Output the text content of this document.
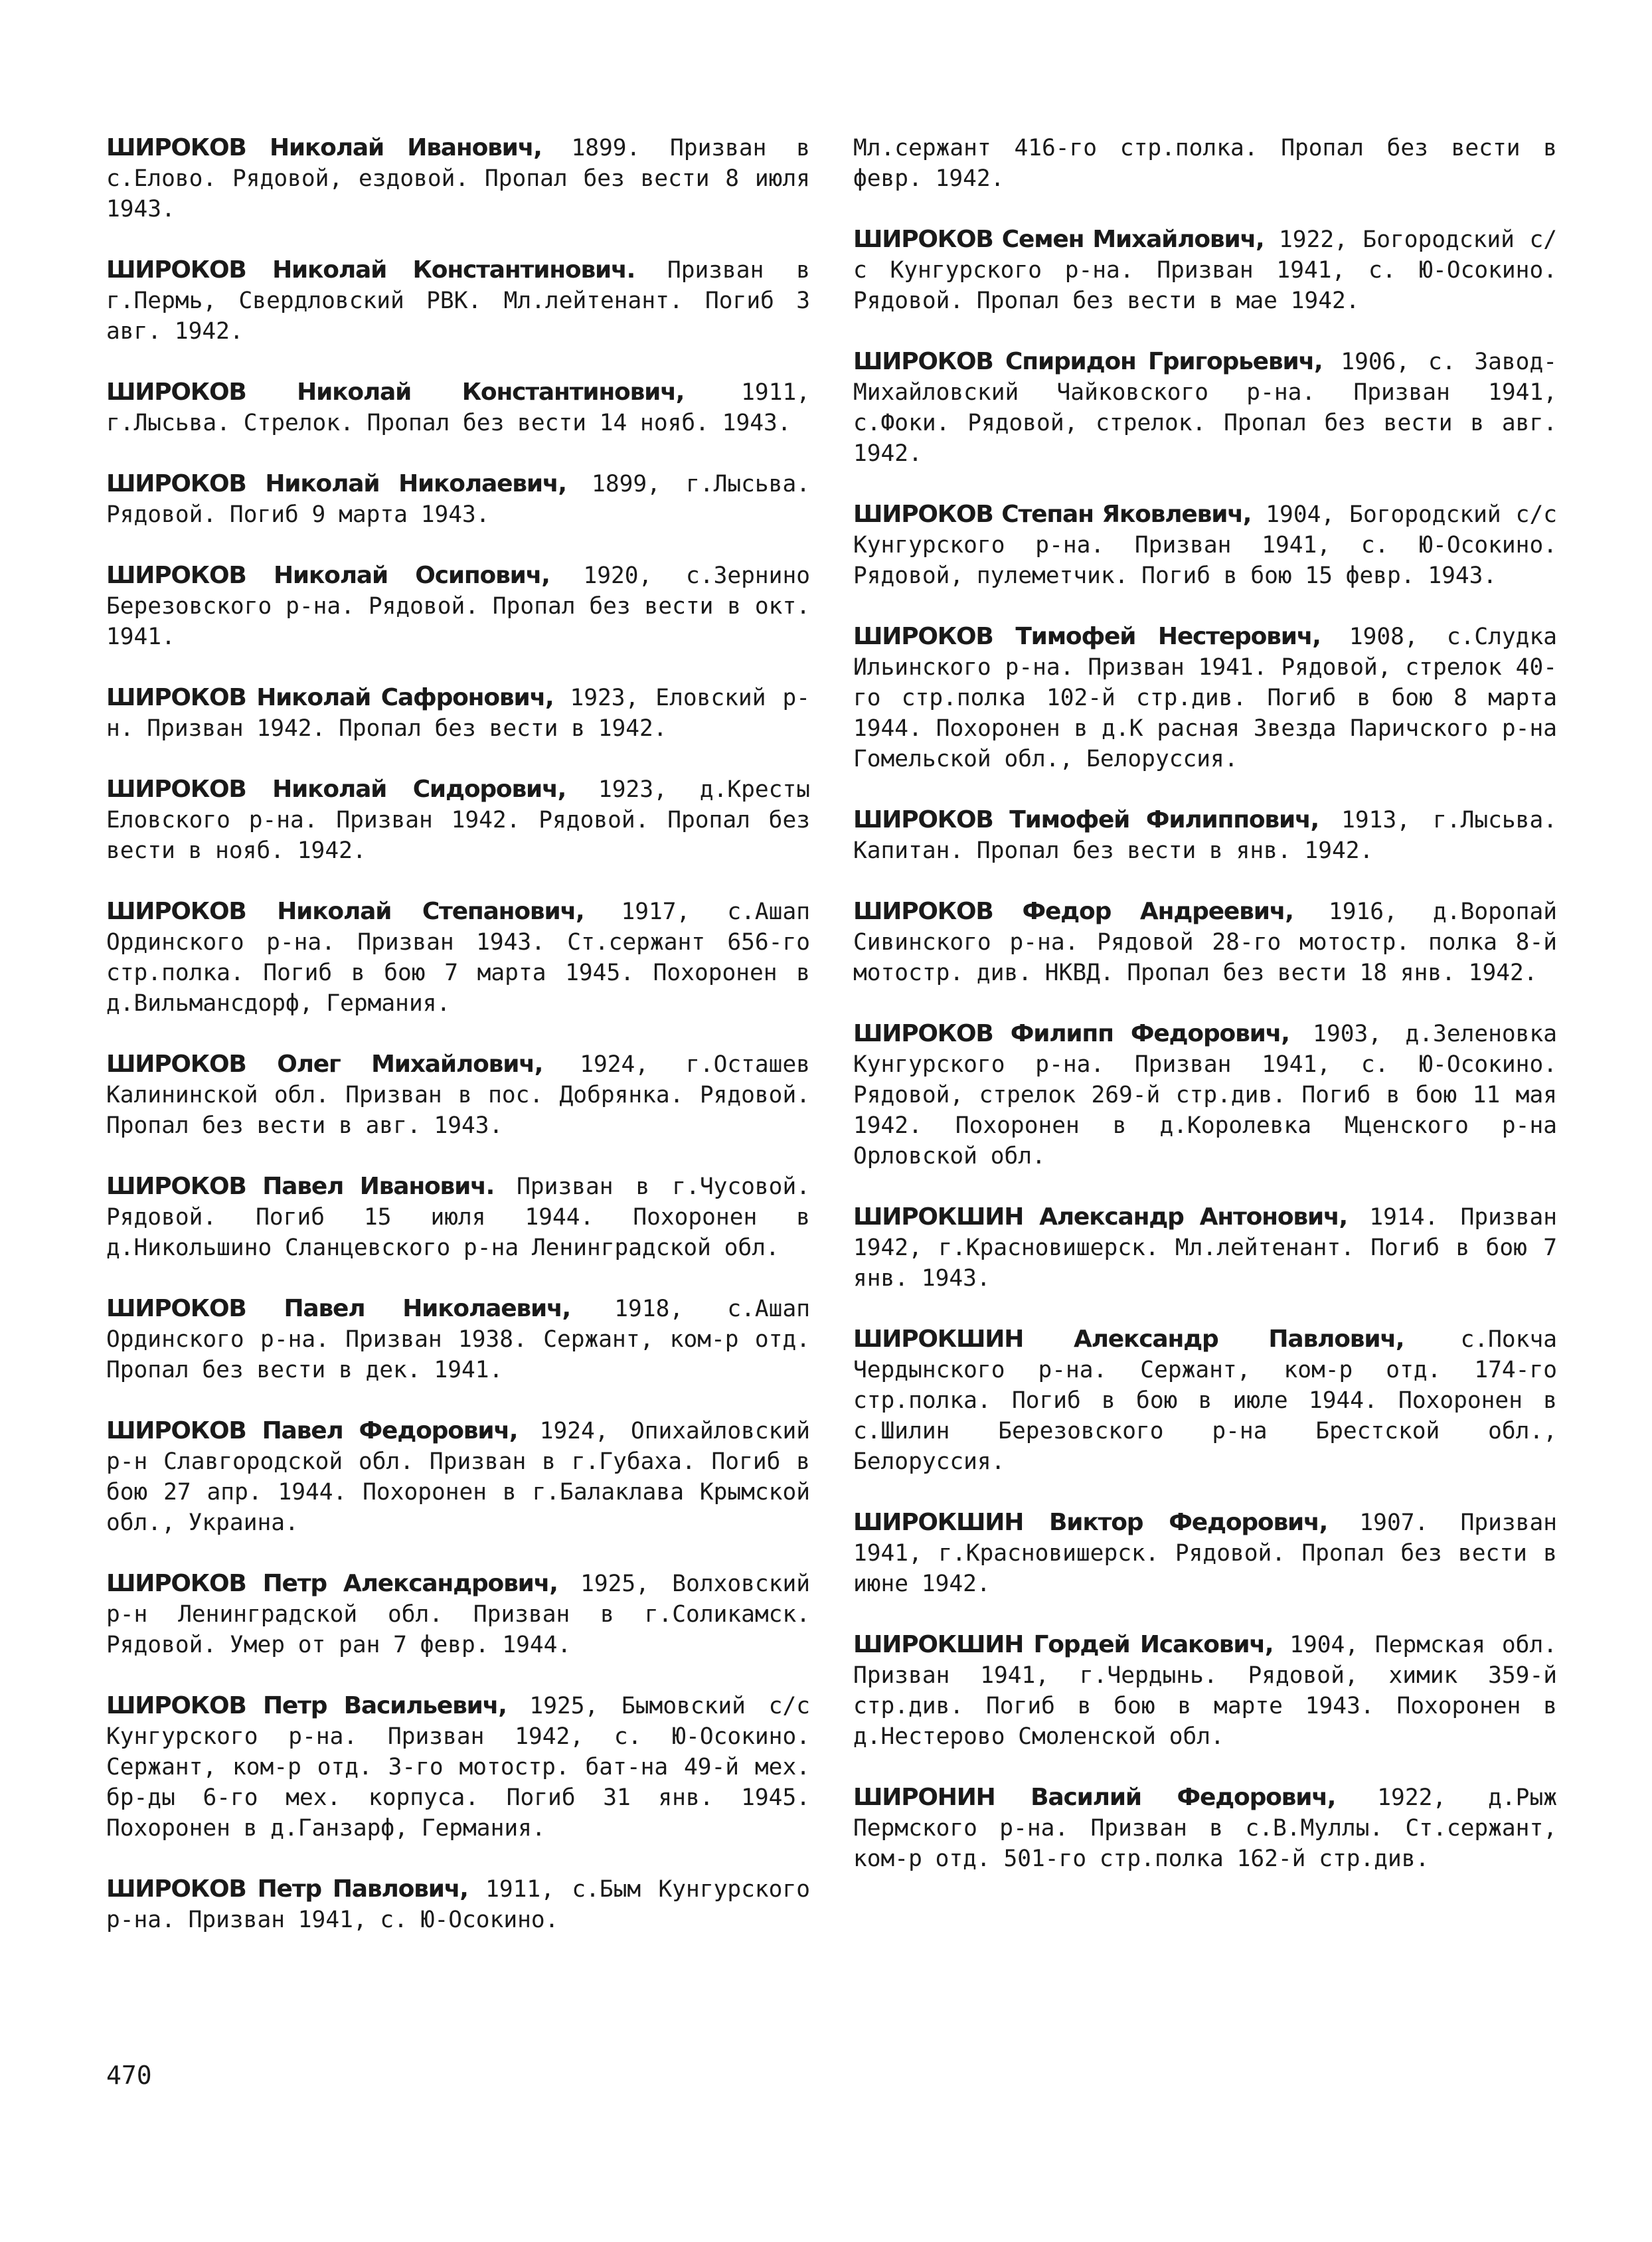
ШИРОКОВ Николай Иванович, 1899. Призван в с.Елово. Рядовой, ездовой. Пропал без вести 8 июля 1943.

ШИРОКОВ Николай Константинович. Призван в г.Пермь, Свердловский РВК. Мл.лейтенант. Погиб 3 авг. 1942.

ШИРОКОВ Николай Константинович, 1911, г.Лысьва. Стрелок. Пропал без вести 14 нояб. 1943.

ШИРОКОВ Николай Николаевич, 1899, г.Лысьва. Рядовой. Погиб 9 марта 1943.

ШИРОКОВ Николай Осипович, 1920, с.Зернино Березовского р-на. Рядовой. Пропал без вести в окт. 1941.

ШИРОКОВ Николай Сафронович, 1923, Еловский р-н. Призван 1942. Пропал без вести в 1942.

ШИРОКОВ Николай Сидорович, 1923, д.Кресты Еловского р-на. Призван 1942. Рядовой. Пропал без вести в нояб. 1942.

ШИРОКОВ Николай Степанович, 1917, с.Ашап Ординского р-на. Призван 1943. Ст.сержант 656-го стр.полка. Погиб в бою 7 марта 1945. Похоронен в д.Вильмансдорф, Германия.

ШИРОКОВ Олег Михайлович, 1924, г.Осташев Калининской обл. Призван в пос. Добрянка. Рядовой. Пропал без вести в авг. 1943.

ШИРОКОВ Павел Иванович. Призван в г.Чусовой. Рядовой. Погиб 15 июля 1944. Похоронен в д.Никольшино Сланцевского р-на Ленинградской обл.

ШИРОКОВ Павел Николаевич, 1918, с.Ашап Ординского р-на. Призван 1938. Сержант, ком-р отд. Пропал без вести в дек. 1941.

ШИРОКОВ Павел Федорович, 1924, Опихайловский р-н Славгородской обл. Призван в г.Губаха. Погиб в бою 27 апр. 1944. Похоронен в г.Балаклава Крымской обл., Украина.

ШИРОКОВ Петр Александрович, 1925, Волховский р-н Ленинградской обл. Призван в г.Соликамск. Рядовой. Умер от ран 7 февр. 1944.

ШИРОКОВ Петр Васильевич, 1925, Бымовский с/с Кунгурского р-на. Призван 1942, с. Ю-Осокино. Сержант, ком-р отд. 3-го мотостр. бат-на 49-й мех. бр-ды 6-го мех. корпуса. Погиб 31 янв. 1945. Похоронен в д.Ганзарф, Германия.

ШИРОКОВ Петр Павлович, 1911, с.Бым Кунгурского р-на. Призван 1941, с. Ю-Осокино.

Мл.сержант 416-го стр.полка. Пропал без вести в февр. 1942.

ШИРОКОВ Семен Михайлович, 1922, Богородский с/с Кунгурского р-на. Призван 1941, с. Ю-Осокино. Рядовой. Пропал без вести в мае 1942.

ШИРОКОВ Спиридон Григорьевич, 1906, с. Завод-Михайловский Чайковского р-на. Призван 1941, с.Фоки. Рядовой, стрелок. Пропал без вести в авг. 1942.

ШИРОКОВ Степан Яковлевич, 1904, Богородский с/с Кунгурского р-на. Призван 1941, с. Ю-Осокино. Рядовой, пулеметчик. Погиб в бою 15 февр. 1943.

ШИРОКОВ Тимофей Нестерович, 1908, с.Слудка Ильинского р-на. Призван 1941. Рядовой, стрелок 40-го стр.полка 102-й стр.див. Погиб в бою 8 марта 1944. Похоронен в д.К расная Звезда Паричского р-на Гомельской обл., Белоруссия.

ШИРОКОВ Тимофей Филиппович, 1913, г.Лысьва. Капитан. Пропал без вести в янв. 1942.

ШИРОКОВ Федор Андреевич, 1916, д.Воропай Сивинского р-на. Рядовой 28-го мотостр. полка 8-й мотостр. див. НКВД. Пропал без вести 18 янв. 1942.

ШИРОКОВ Филипп Федорович, 1903, д.Зеленовка Кунгурского р-на. Призван 1941, с. Ю-Осокино. Рядовой, стрелок 269-й стр.див. Погиб в бою 11 мая 1942. Похоронен в д.Королевка Мценского р-на Орловской обл.

ШИРОКШИН Александр Антонович, 1914. Призван 1942, г.Красновишерск. Мл.лейтенант. Погиб в бою 7 янв. 1943.

ШИРОКШИН Александр Павлович, с.Покча Чердынского р-на. Сержант, ком-р отд. 174-го стр.полка. Погиб в бою в июле 1944. Похоронен в с.Шилин Березовского р-на Брестской обл., Белоруссия.

ШИРОКШИН Виктор Федорович, 1907. Призван 1941, г.Красновишерск. Рядовой. Пропал без вести в июне 1942.

ШИРОКШИН Гордей Исакович, 1904, Пермская обл. Призван 1941, г.Чердынь. Рядовой, химик 359-й стр.див. Погиб в бою в марте 1943. Похоронен в д.Нестерово Смоленской обл.

ШИРОНИН Василий Федорович, 1922, д.Рыж Пермского р-на. Призван в с.В.Муллы. Ст.сержант, ком-р отд. 501-го стр.полка 162-й стр.див.

470
